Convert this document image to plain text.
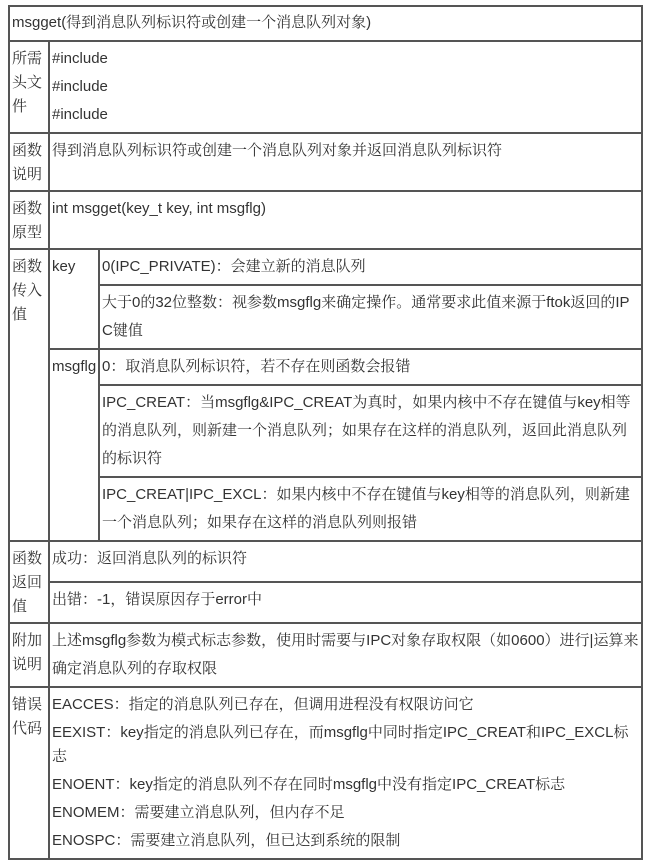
msgget(得到消息队列标识符或创建一个消息队列对象)		
所需头文件	#include
#include
#include	

函数说明	得到消息队列标识符或创建一个消息队列对象并返回消息队列标识符	

函数原型	int msgget(key_t key, int msgflg)	

函数传入值	key	0(IPC_PRIVATE)：会建立新的消息队列
		大于0的32位整数：视参数msgflg来确定操作。通常要求此值来源于ftok返回的IPC键值
	msgflg	0：取消息队列标识符，若不存在则函数会报错
		IPC_CREAT：当msgflg&IPC_CREAT为真时，如果内核中不存在键值与key相等的消息队列，则新建一个消息队列；如果存在这样的消息队列，返回此消息队列的标识符
		IPC_CREAT|IPC_EXCL：如果内核中不存在键值与key相等的消息队列，则新建一个消息队列；如果存在这样的消息队列则报错
函数返回值	成功：返回消息队列的标识符	

	出错：-1，错误原因存于error中	

附加说明	上述msgflg参数为模式标志参数，使用时需要与IPC对象存取权限（如0600）进行|运算来确定消息队列的存取权限	
错误代码	EACCES：指定的消息队列已存在，但调用进程没有权限访问它
EEXIST：key指定的消息队列已存在，而msgflg中同时指定IPC_CREAT和IPC_EXCL标志
ENOENT：key指定的消息队列不存在同时msgflg中没有指定IPC_CREAT标志
ENOMEM：需要建立消息队列，但内存不足
ENOSPC：需要建立消息队列，但已达到系统的限制	
